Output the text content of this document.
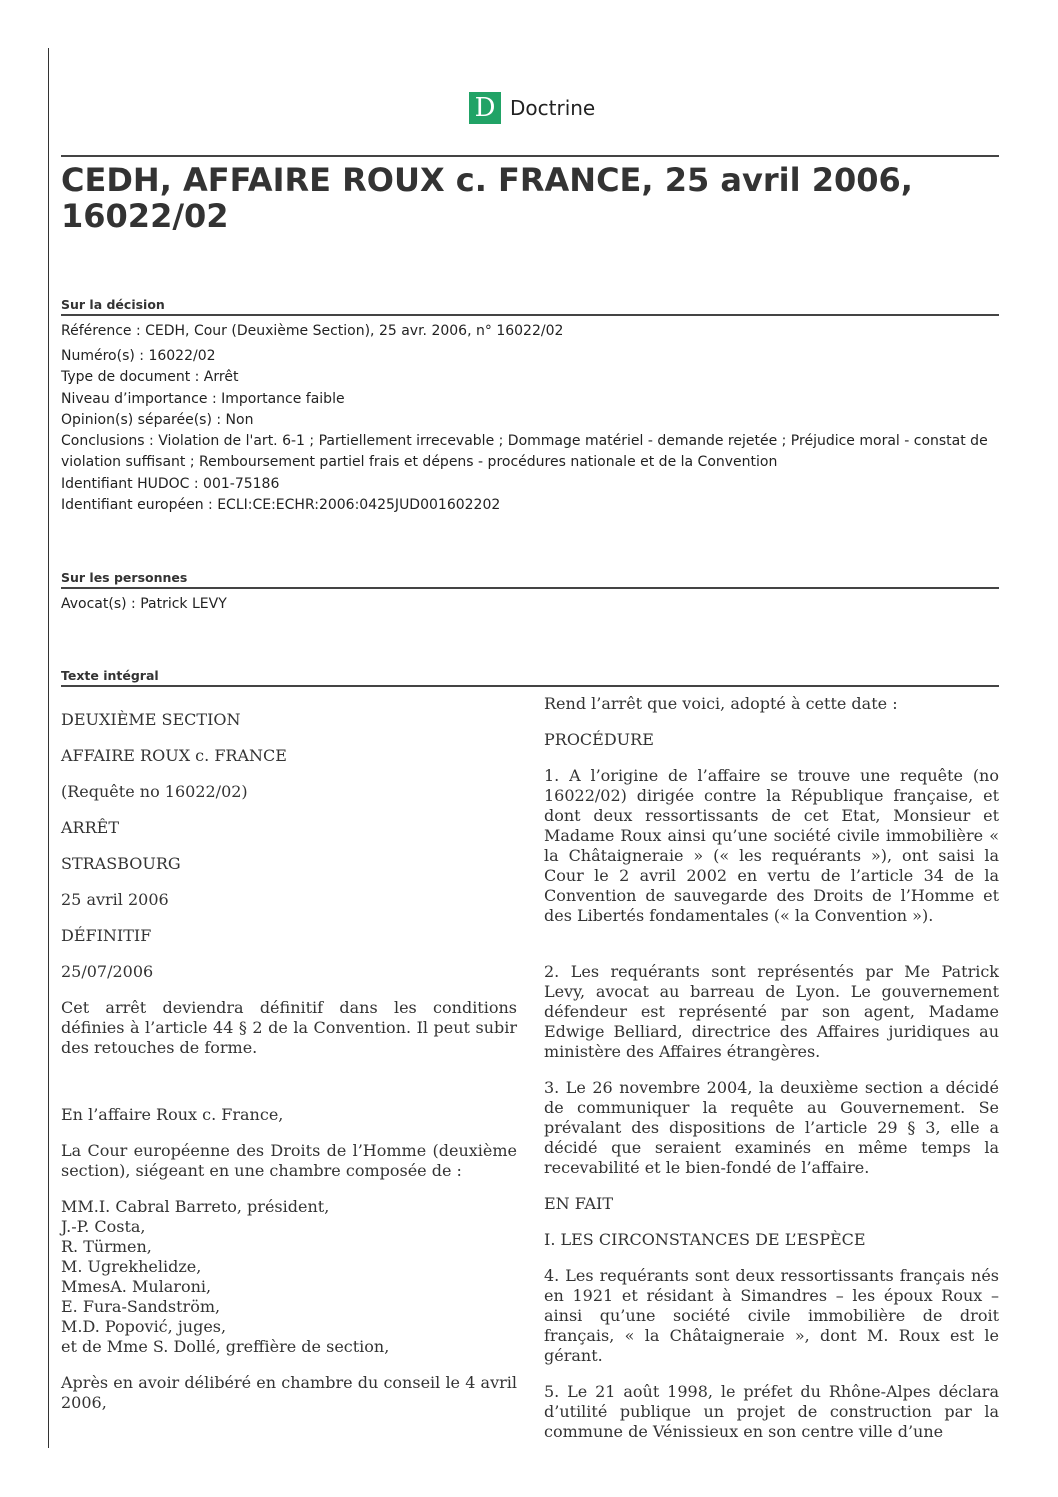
D Doctrine
CEDH, AFFAIRE ROUX c. FRANCE, 25 avril 2006, 16022/02
Sur la décision
Référence : CEDH, Cour (Deuxième Section), 25 avr. 2006, n° 16022/02
Numéro(s) : 16022/02
Type de document : Arrêt
Niveau d’importance : Importance faible
Opinion(s) séparée(s) : Non
Conclusions : Violation de l'art. 6-1 ; Partiellement irrecevable ; Dommage matériel - demande rejetée ; Préjudice moral - constat de violation suffisant ; Remboursement partiel frais et dépens - procédures nationale et de la Convention
Identifiant HUDOC : 001-75186
Identifiant européen : ECLI:CE:ECHR:2006:0425JUD001602202
Sur les personnes
Avocat(s) : Patrick LEVY
Texte intégral

DEUXIÈME SECTION

AFFAIRE ROUX c. FRANCE

(Requête no 16022/02)

ARRÊT

STRASBOURG

25 avril 2006

DÉFINITIF

25/07/2006

Cet arrêt deviendra définitif dans les conditions définies à l’article 44 § 2 de la Convention. Il peut subir des retouches de forme.

En l’affaire Roux c. France,

La Cour européenne des Droits de l’Homme (deuxième section), siégeant en une chambre composée de :

MM.I. Cabral Barreto, président,
J.-P. Costa,
R. Türmen,
M. Ugrekhelidze,
MmesA. Mularoni,
E. Fura-Sandström,
M.D. Popović, juges,
et de Mme S. Dollé, greffière de section,

Après en avoir délibéré en chambre du conseil le 4 avril 2006,

Rend l’arrêt que voici, adopté à cette date :

PROCÉDURE

1. A l’origine de l’affaire se trouve une requête (no 16022/02) dirigée contre la République française, et dont deux ressortissants de cet Etat, Monsieur et Madame Roux ainsi qu’une société civile immobilière « la Châtaigneraie » (« les requérants »), ont saisi la Cour le 2 avril 2002 en vertu de l’article 34 de la Convention de sauvegarde des Droits de l’Homme et des Libertés fondamentales (« la Convention »).

2. Les requérants sont représentés par Me Patrick Levy, avocat au barreau de Lyon. Le gouvernement défendeur est représenté par son agent, Madame Edwige Belliard, directrice des Affaires juridiques au ministère des Affaires étrangères.

3. Le 26 novembre 2004, la deuxième section a décidé de communiquer la requête au Gouvernement. Se prévalant des dispositions de l’article 29 § 3, elle a décidé que seraient examinés en même temps la recevabilité et le bien-fondé de l’affaire.

EN FAIT

I. LES CIRCONSTANCES DE L’ESPÈCE

4. Les requérants sont deux ressortissants français nés en 1921 et résidant à Simandres – les époux Roux – ainsi qu’une société civile immobilière de droit français, « la Châtaigneraie », dont M. Roux est le gérant.

5. Le 21 août 1998, le préfet du Rhône-Alpes déclara d’utilité publique un projet de construction par la commune de Vénissieux en son centre ville d’une
